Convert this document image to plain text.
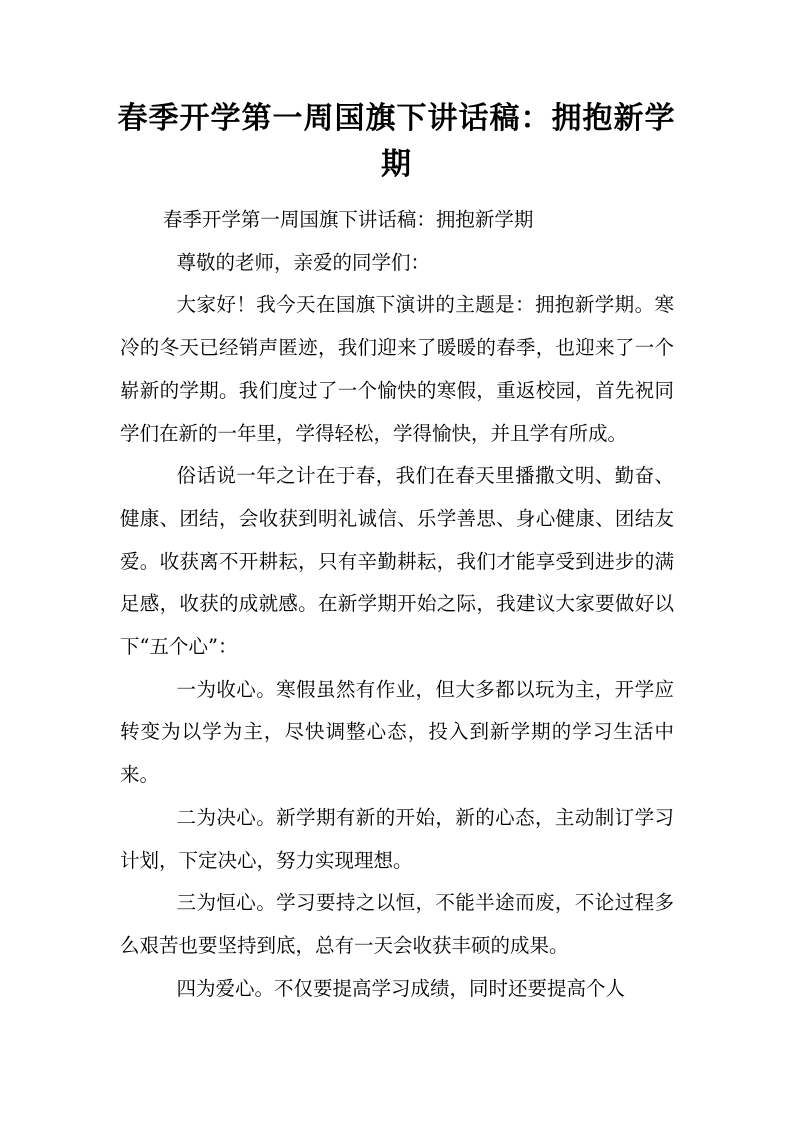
春季开学第一周国旗下讲话稿：拥抱新学期

春季开学第一周国旗下讲话稿：拥抱新学期

尊敬的老师，亲爱的同学们：

大家好！我今天在国旗下演讲的主题是：拥抱新学期。寒冷的冬天已经销声匿迹，我们迎来了暖暖的春季，也迎来了一个崭新的学期。我们度过了一个愉快的寒假，重返校园，首先祝同学们在新的一年里，学得轻松，学得愉快，并且学有所成。

俗话说一年之计在于春，我们在春天里播撒文明、勤奋、健康、团结，会收获到明礼诚信、乐学善思、身心健康、团结友爱。收获离不开耕耘，只有辛勤耕耘，我们才能享受到进步的满足感，收获的成就感。在新学期开始之际，我建议大家要做好以下“五个心”：

一为收心。寒假虽然有作业，但大多都以玩为主，开学应转变为以学为主，尽快调整心态，投入到新学期的学习生活中来。

二为决心。新学期有新的开始，新的心态，主动制订学习计划，下定决心，努力实现理想。

三为恒心。学习要持之以恒，不能半途而废，不论过程多么艰苦也要坚持到底，总有一天会收获丰硕的成果。

四为爱心。不仅要提高学习成绩，同时还要提高个人
